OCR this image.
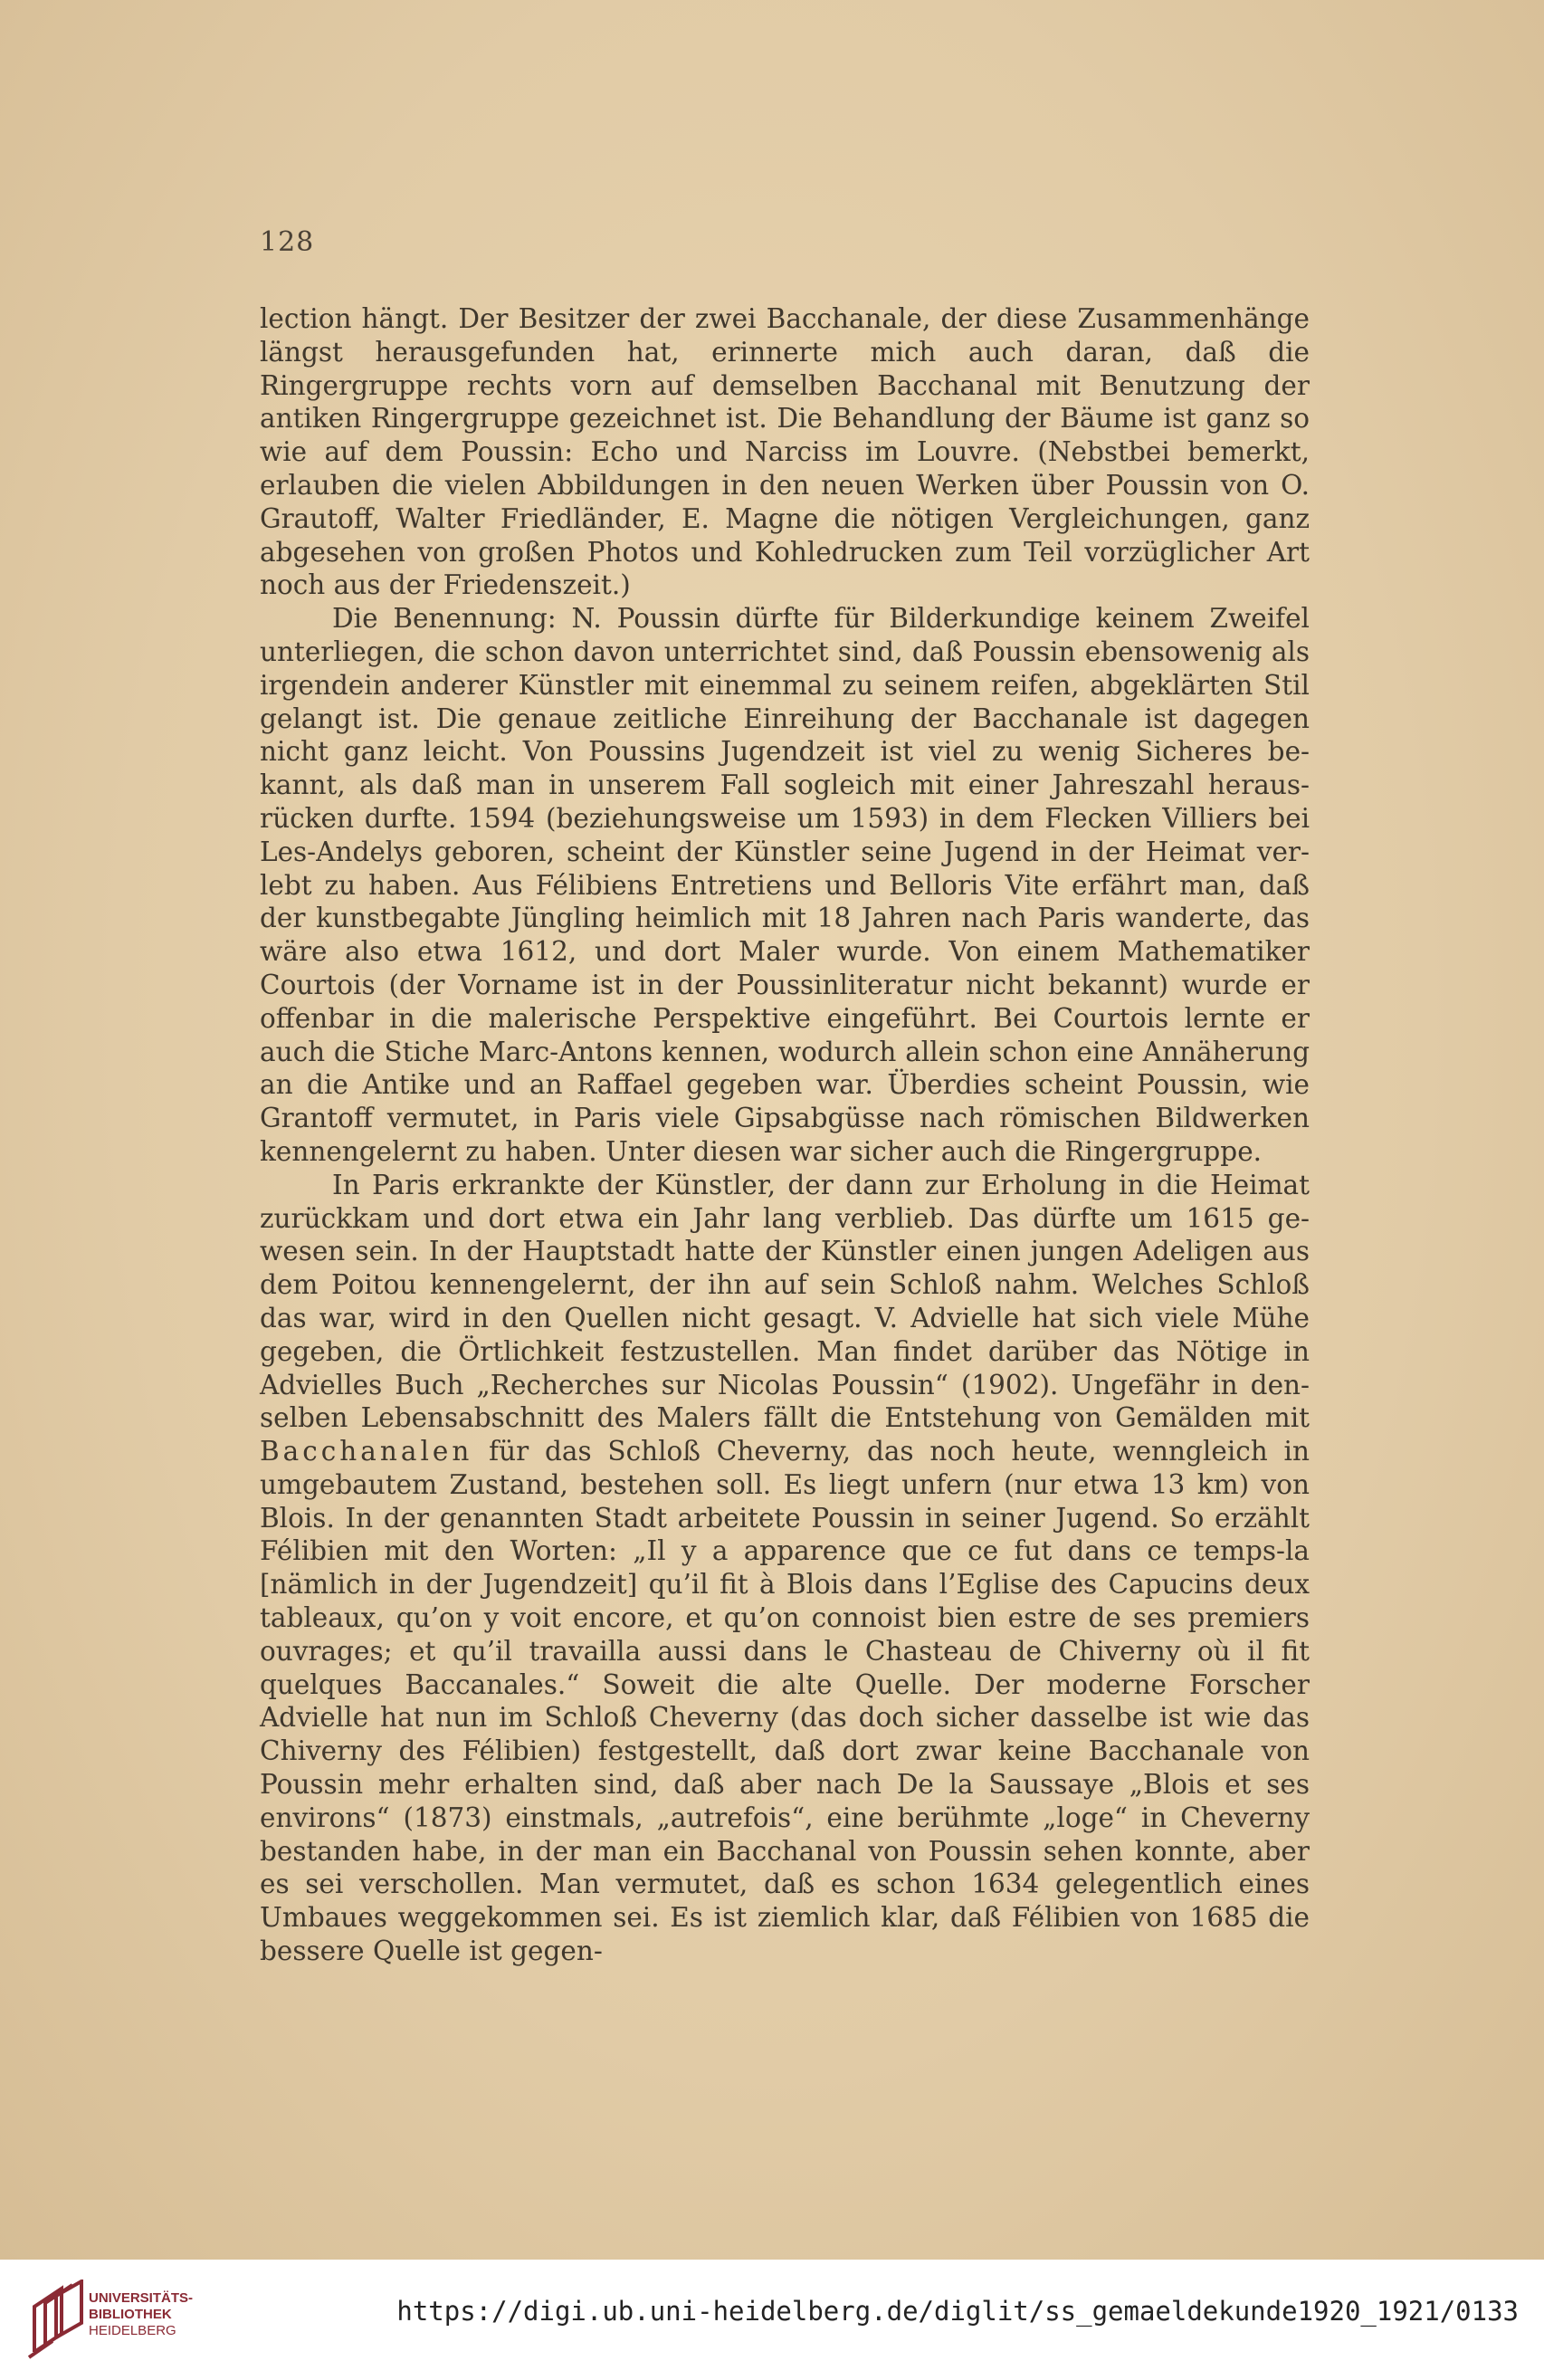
128

lection hängt. Der Besitzer der zwei Bacchanale, der diese Zusammenhänge längst herausgefunden hat, erinnerte mich auch daran, daß die Ringergruppe rechts vorn auf demselben Bacchanal mit Benutzung der antiken Ringergruppe gezeichnet ist. Die Behandlung der Bäume ist ganz so wie auf dem Poussin: Echo und Narciss im Louvre. (Nebstbei bemerkt, erlauben die vielen Abbildungen in den neuen Werken über Poussin von O. Grautoff, Walter Friedländer, E. Magne die nötigen Vergleichungen, ganz abgesehen von großen Photos und Kohledrucken zum Teil vorzüglicher Art noch aus der Friedenszeit.)

Die Benennung: N. Poussin dürfte für Bilderkundige keinem Zweifel unterliegen, die schon davon unterrichtet sind, daß Poussin ebensowenig als irgendein anderer Künstler mit einemmal zu seinem reifen, abgeklärten Stil gelangt ist. Die genaue zeitliche Einreihung der Bacchanale ist dagegen nicht ganz leicht. Von Poussins Jugendzeit ist viel zu wenig Sicheres bekannt, als daß man in unserem Fall sogleich mit einer Jahreszahl herausrücken durfte. 1594 (beziehungsweise um 1593) in dem Flecken Villiers bei Les-Andelys geboren, scheint der Künstler seine Jugend in der Heimat verlebt zu haben. Aus Félibiens Entretiens und Belloris Vite erfährt man, daß der kunstbegabte Jüngling heimlich mit 18 Jahren nach Paris wanderte, das wäre also etwa 1612, und dort Maler wurde. Von einem Mathematiker Courtois (der Vorname ist in der Poussinliteratur nicht bekannt) wurde er offenbar in die malerische Perspektive eingeführt. Bei Courtois lernte er auch die Stiche Marc-Antons kennen, wodurch allein schon eine Annäherung an die Antike und an Raffael gegeben war. Überdies scheint Poussin, wie Grantoff vermutet, in Paris viele Gipsabgüsse nach römischen Bildwerken kennengelernt zu haben. Unter diesen war sicher auch die Ringergruppe.

In Paris erkrankte der Künstler, der dann zur Erholung in die Heimat zurückkam und dort etwa ein Jahr lang verblieb. Das dürfte um 1615 gewesen sein. In der Hauptstadt hatte der Künstler einen jungen Adeligen aus dem Poitou kennengelernt, der ihn auf sein Schloß nahm. Welches Schloß das war, wird in den Quellen nicht gesagt. V. Advielle hat sich viele Mühe gegeben, die Örtlichkeit festzustellen. Man findet darüber das Nötige in Advielles Buch „Recherches sur Nicolas Poussin“ (1902). Ungefähr in denselben Lebensabschnitt des Malers fällt die Entstehung von Gemälden mit Bacchanalen für das Schloß Cheverny, das noch heute, wenngleich in umgebautem Zustand, bestehen soll. Es liegt unfern (nur etwa 13 km) von Blois. In der genannten Stadt arbeitete Poussin in seiner Jugend. So erzählt Félibien mit den Worten: „Il y a apparence que ce fut dans ce temps-la [nämlich in der Jugendzeit] qu’il fit à Blois dans l’Eglise des Capucins deux tableaux, qu’on y voit encore, et qu’on connoist bien estre de ses premiers ouvrages; et qu’il travailla aussi dans le Chasteau de Chiverny où il fit quelques Baccanales.“ Soweit die alte Quelle. Der moderne Forscher Advielle hat nun im Schloß Cheverny (das doch sicher dasselbe ist wie das Chiverny des Félibien) festgestellt, daß dort zwar keine Bacchanale von Poussin mehr erhalten sind, daß aber nach De la Saussaye „Blois et ses environs“ (1873) einstmals, „autrefois“, eine berühmte „loge“ in Cheverny bestanden habe, in der man ein Bacchanal von Poussin sehen konnte, aber es sei verschollen. Man vermutet, daß es schon 1634 gelegentlich eines Umbaues weggekommen sei. Es ist ziemlich klar, daß Félibien von 1685 die bessere Quelle ist gegen-

UNIVERSITÄTS-
BIBLIOTHEK
HEIDELBERG
https://digi.ub.uni-heidelberg.de/diglit/ss_gemaeldekunde1920_1921/0133
